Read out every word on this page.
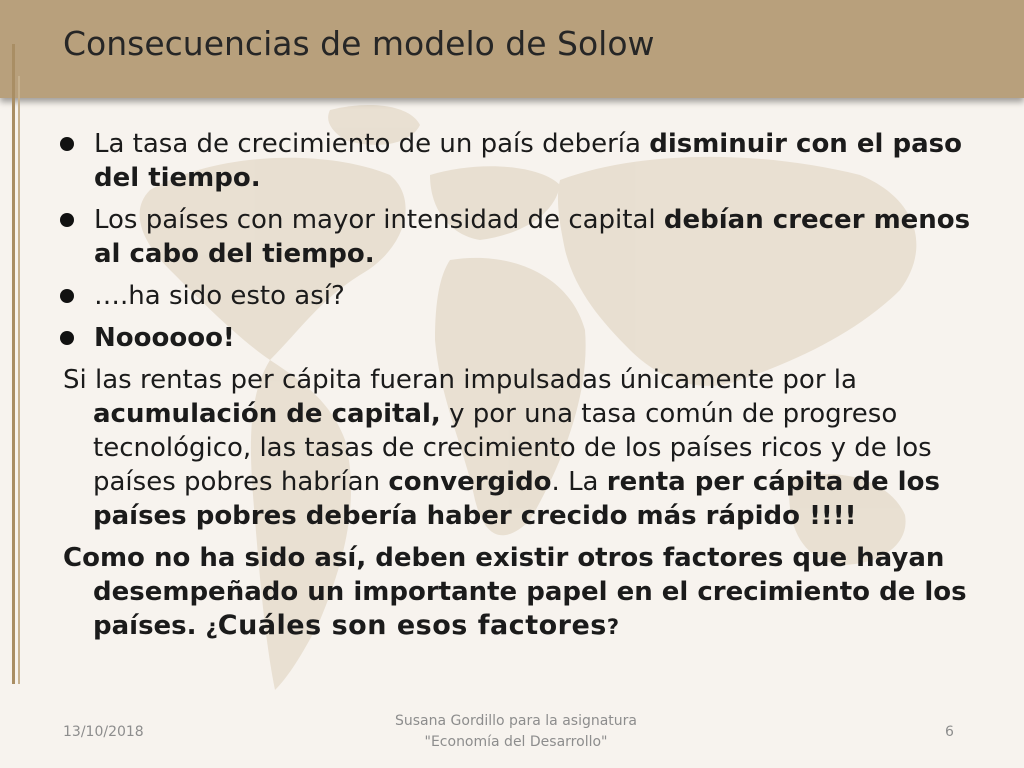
Consecuencias de modelo de Solow
La tasa de crecimiento de un país debería disminuir con el paso del tiempo.
Los países con mayor intensidad de capital debían crecer menos al cabo del tiempo.
….ha sido esto así?
Noooooo!
Si las rentas per cápita fueran impulsadas únicamente por la acumulación de capital, y por una tasa común de progreso tecnológico, las tasas de crecimiento de los países ricos y de los países pobres habrían convergido. La renta per cápita de los países pobres debería haber crecido más rápido !!!!
Como no ha sido así, deben existir otros factores que hayan desempeñado un importante papel en el crecimiento de los países. ¿Cuáles son esos factores?
13/10/2018
Susana Gordillo para la asignatura
"Economía del Desarrollo"
6
